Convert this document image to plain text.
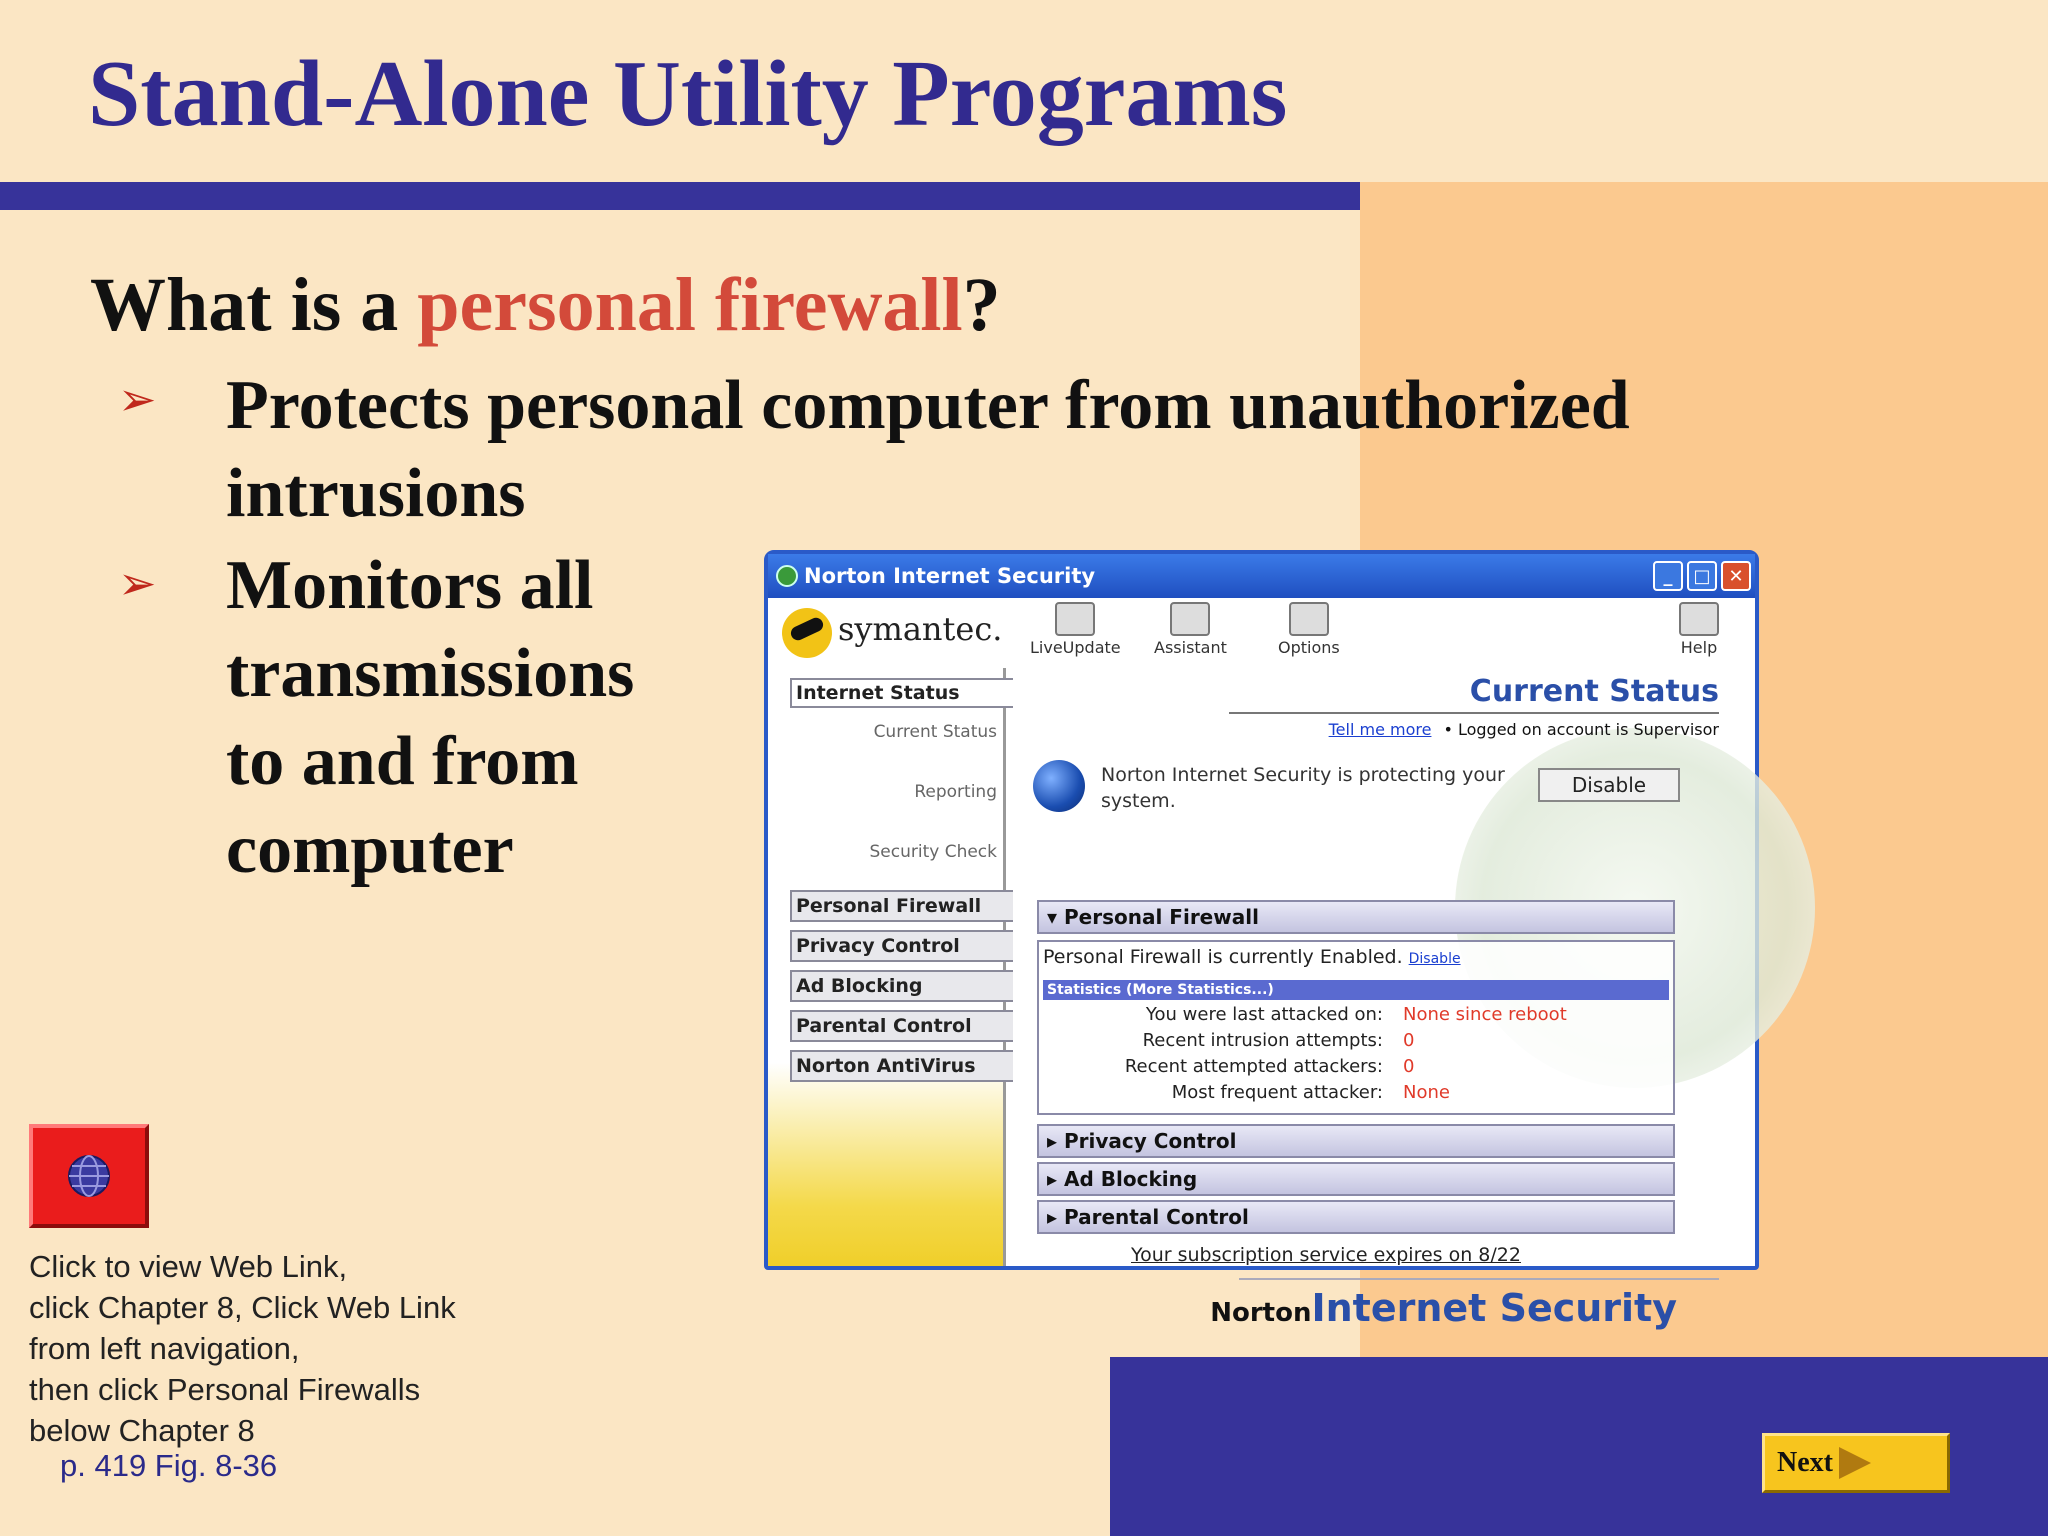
Stand-Alone Utility Programs
What is a personal firewall?
➢ Protects personal computer from unauthorized
intrusions
➢ Monitors all
transmissions
to and from
computer
Click to view Web Link,
click Chapter 8, Click Web Link
from left navigation,
then click Personal Firewalls
below Chapter 8
p. 419 Fig. 8-36	Next
Norton Internet Security	_	□ ✕
symantec. LiveUpdate Assistant	Options	Help
Internet Status
Current Status
Reporting
Security Check
Personal Firewall
Privacy Control
Ad Blocking
Parental Control
Norton AntiVirus
Current Status
Tell me more • Logged on account is Supervisor
Norton Internet Security is protecting your system.
Disable
▾ Personal Firewall
Personal Firewall is currently Enabled. Disable
Statistics (More Statistics...)
You were last attacked on: None since reboot
Recent intrusion attempts: 0
Recent attempted attackers: 0
Most frequent attacker: None
▸ Privacy Control
▸ Ad Blocking
▸ Parental Control
Your subscription service expires on 8/22
NortonInternet Security
